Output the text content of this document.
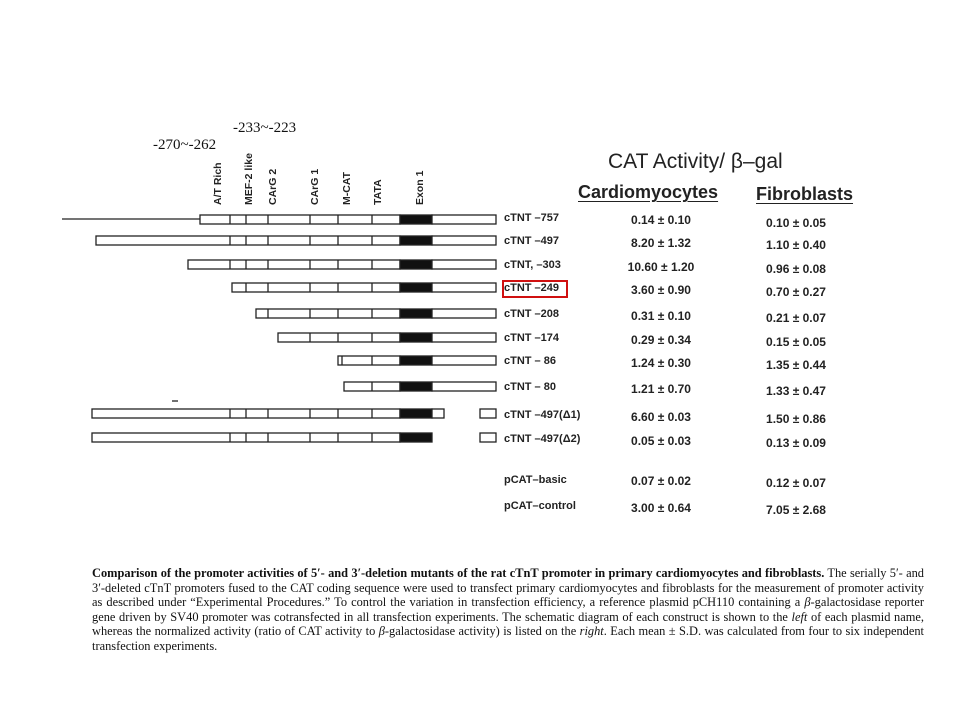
-233~-223
-270~-262
A/T Rich MEF-2 like CArG 2	CArG 1 M-CAT TATA	Exon 1
CAT Activity/ β–gal
Cardiomyocytes Fibroblasts
cTNT –757
cTNT –497
cTNT, –303
cTNT –249
cTNT –208
cTNT –174
cTNT – 86
cTNT – 80
cTNT –497(Δ1)
cTNT –497(Δ2)
pCAT–basic
pCAT–control
0.14 ± 0.10
8.20 ± 1.32
10.60 ± 1.20
3.60 ± 0.90
0.31 ± 0.10
0.29 ± 0.34
1.24 ± 0.30
1.21 ± 0.70
6.60 ± 0.03
0.05 ± 0.03
0.07 ± 0.02
3.00 ± 0.64
0.10 ± 0.05
1.10 ± 0.40
0.96 ± 0.08
0.70 ± 0.27
0.21 ± 0.07
0.15 ± 0.05
1.35 ± 0.44
1.33 ± 0.47
1.50 ± 0.86
0.13 ± 0.09
0.12 ± 0.07
7.05 ± 2.68
Comparison of the promoter activities of 5′- and 3′-deletion mutants of the rat cTnT promoter in primary cardiomyocytes and fibroblasts. The serially 5′- and 3′-deleted cTnT promoters fused to the CAT coding sequence were used to transfect primary cardiomyocytes and fibroblasts for the measurement of promoter activity as described under “Experimental Procedures.” To control the variation in transfection efficiency, a reference plasmid pCH110 containing a β-galactosidase reporter gene driven by SV40 promoter was cotransfected in all transfection experiments. The schematic diagram of each construct is shown to the left of each plasmid name, whereas the normalized activity (ratio of CAT activity to β-galactosidase activity) is listed on the right. Each mean ± S.D. was calculated from four to six independent transfection experiments.
